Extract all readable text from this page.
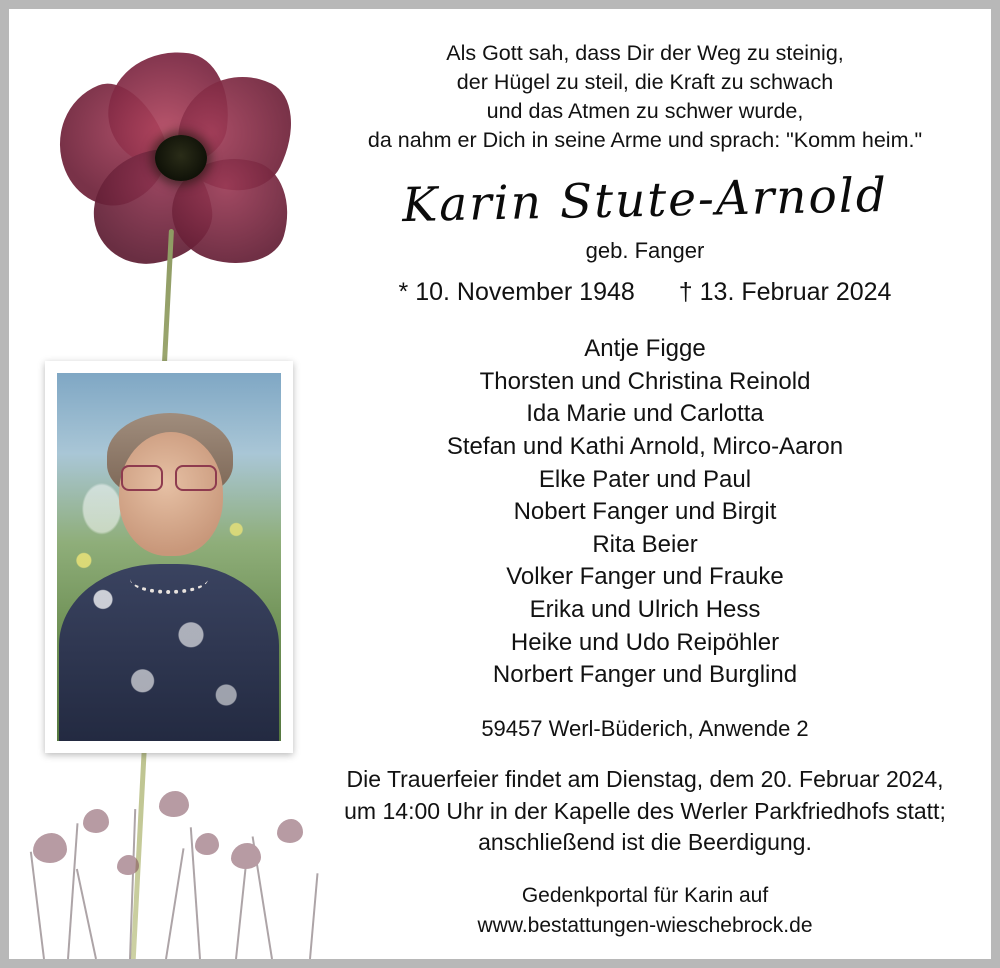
Als Gott sah, dass Dir der Weg zu steinig,
der Hügel zu steil, die Kraft zu schwach
und das Atmen zu schwer wurde,
da nahm er Dich in seine Arme und sprach: "Komm heim."
Karin Stute-Arnold
geb. Fanger
* 10. November 1948 † 13. Februar 2024
Antje Figge
Thorsten und Christina Reinold
Ida Marie und Carlotta
Stefan und Kathi Arnold, Mirco-Aaron
Elke Pater und Paul
Nobert Fanger und Birgit
Rita Beier
Volker Fanger und Frauke
Erika und Ulrich Hess
Heike und Udo Reipöhler
Norbert Fanger und Burglind
59457 Werl-Büderich, Anwende 2
Die Trauerfeier findet am Dienstag, dem 20. Februar 2024,
um 14:00 Uhr in der Kapelle des Werler Parkfriedhofs statt;
anschließend ist die Beerdigung.
Gedenkportal für Karin auf
www.bestattungen-wieschebrock.de
